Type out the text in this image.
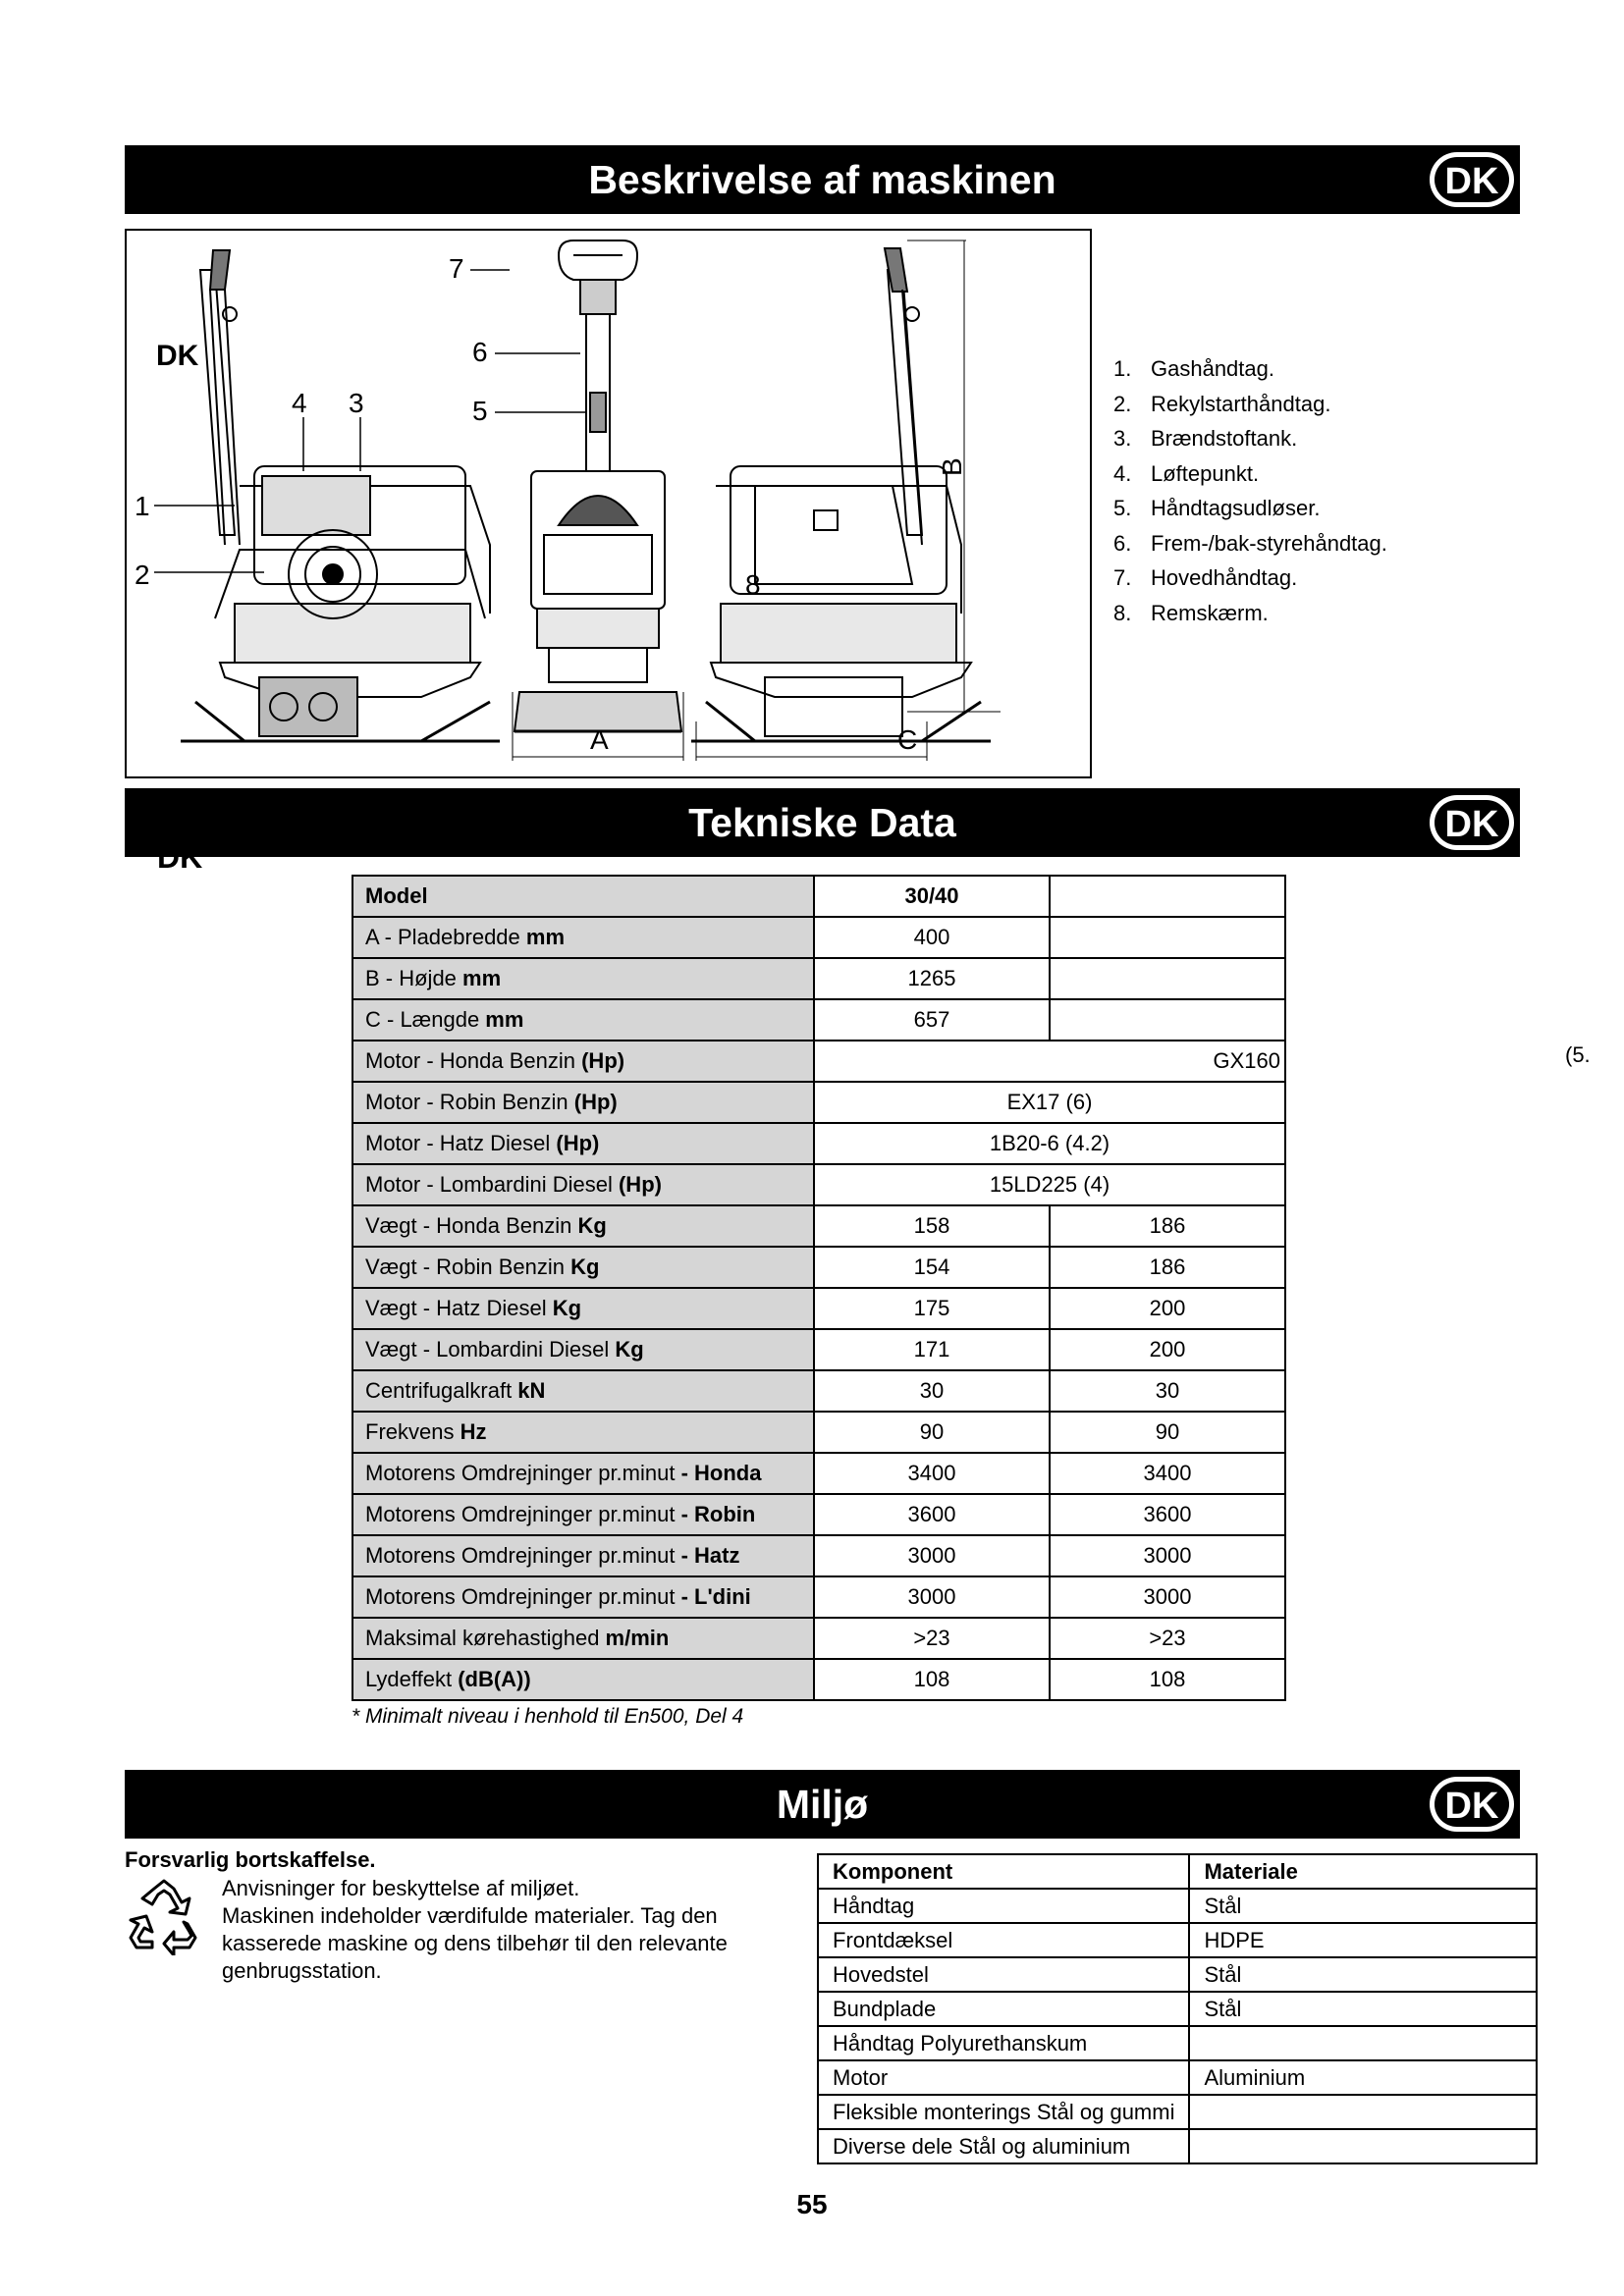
Beskrivelse af maskinen	DK
DK
1
2
3
4	5
6
7
8
A
B
C
1. Gashåndtag.
2. Rekylstarthåndtag.
3. Brændstoftank.
4. Løftepunkt.
5. Håndtagsudløser.
6. Frem-/bak-styrehåndtag.
7. Hovedhåndtag.
8. Remskærm.
Tekniske Data	DK
DK
Model	30/40	
A - Pladebredde mm	400	
B - Højde mm	1265	
C - Længde mm	657	
Motor - Honda Benzin (Hp)	GX160	
Motor - Robin Benzin (Hp)	EX17 (6)	
Motor - Hatz Diesel (Hp)	1B20-6 (4.2)	
Motor - Lombardini Diesel (Hp)	15LD225 (4)	
Vægt - Honda Benzin Kg	158	186
Vægt - Robin Benzin Kg	154	186
Vægt - Hatz Diesel Kg	175	200
Vægt - Lombardini Diesel Kg	171	200
Centrifugalkraft kN	30	30
Frekvens Hz	90	90
Motorens Omdrejninger pr.minut - Honda	3400	3400
Motorens Omdrejninger pr.minut - Robin	3600	3600
Motorens Omdrejninger pr.minut - Hatz	3000	3000
Motorens Omdrejninger pr.minut - L'dini	3000	3000
Maksimal kørehastighed m/min	>23	>23
Lydeffekt (dB(A))	108	108
(5.
* Minimalt niveau i henhold til En500, Del 4
Miljø	DK
Forsvarlig bortskaffelse.
Anvisninger for beskyttelse af miljøet.
Maskinen indeholder værdifulde materialer. Tag den
kasserede maskine og dens tilbehør til den relevante
genbrugsstation.
Komponent	Materiale
Håndtag	Stål
Frontdæksel	HDPE
Hovedstel	Stål
Bundplade	Stål
Håndtag Polyurethanskum	
Motor	Aluminium
Fleksible monterings Stål og gummi	
Diverse dele Stål og aluminium	
55
